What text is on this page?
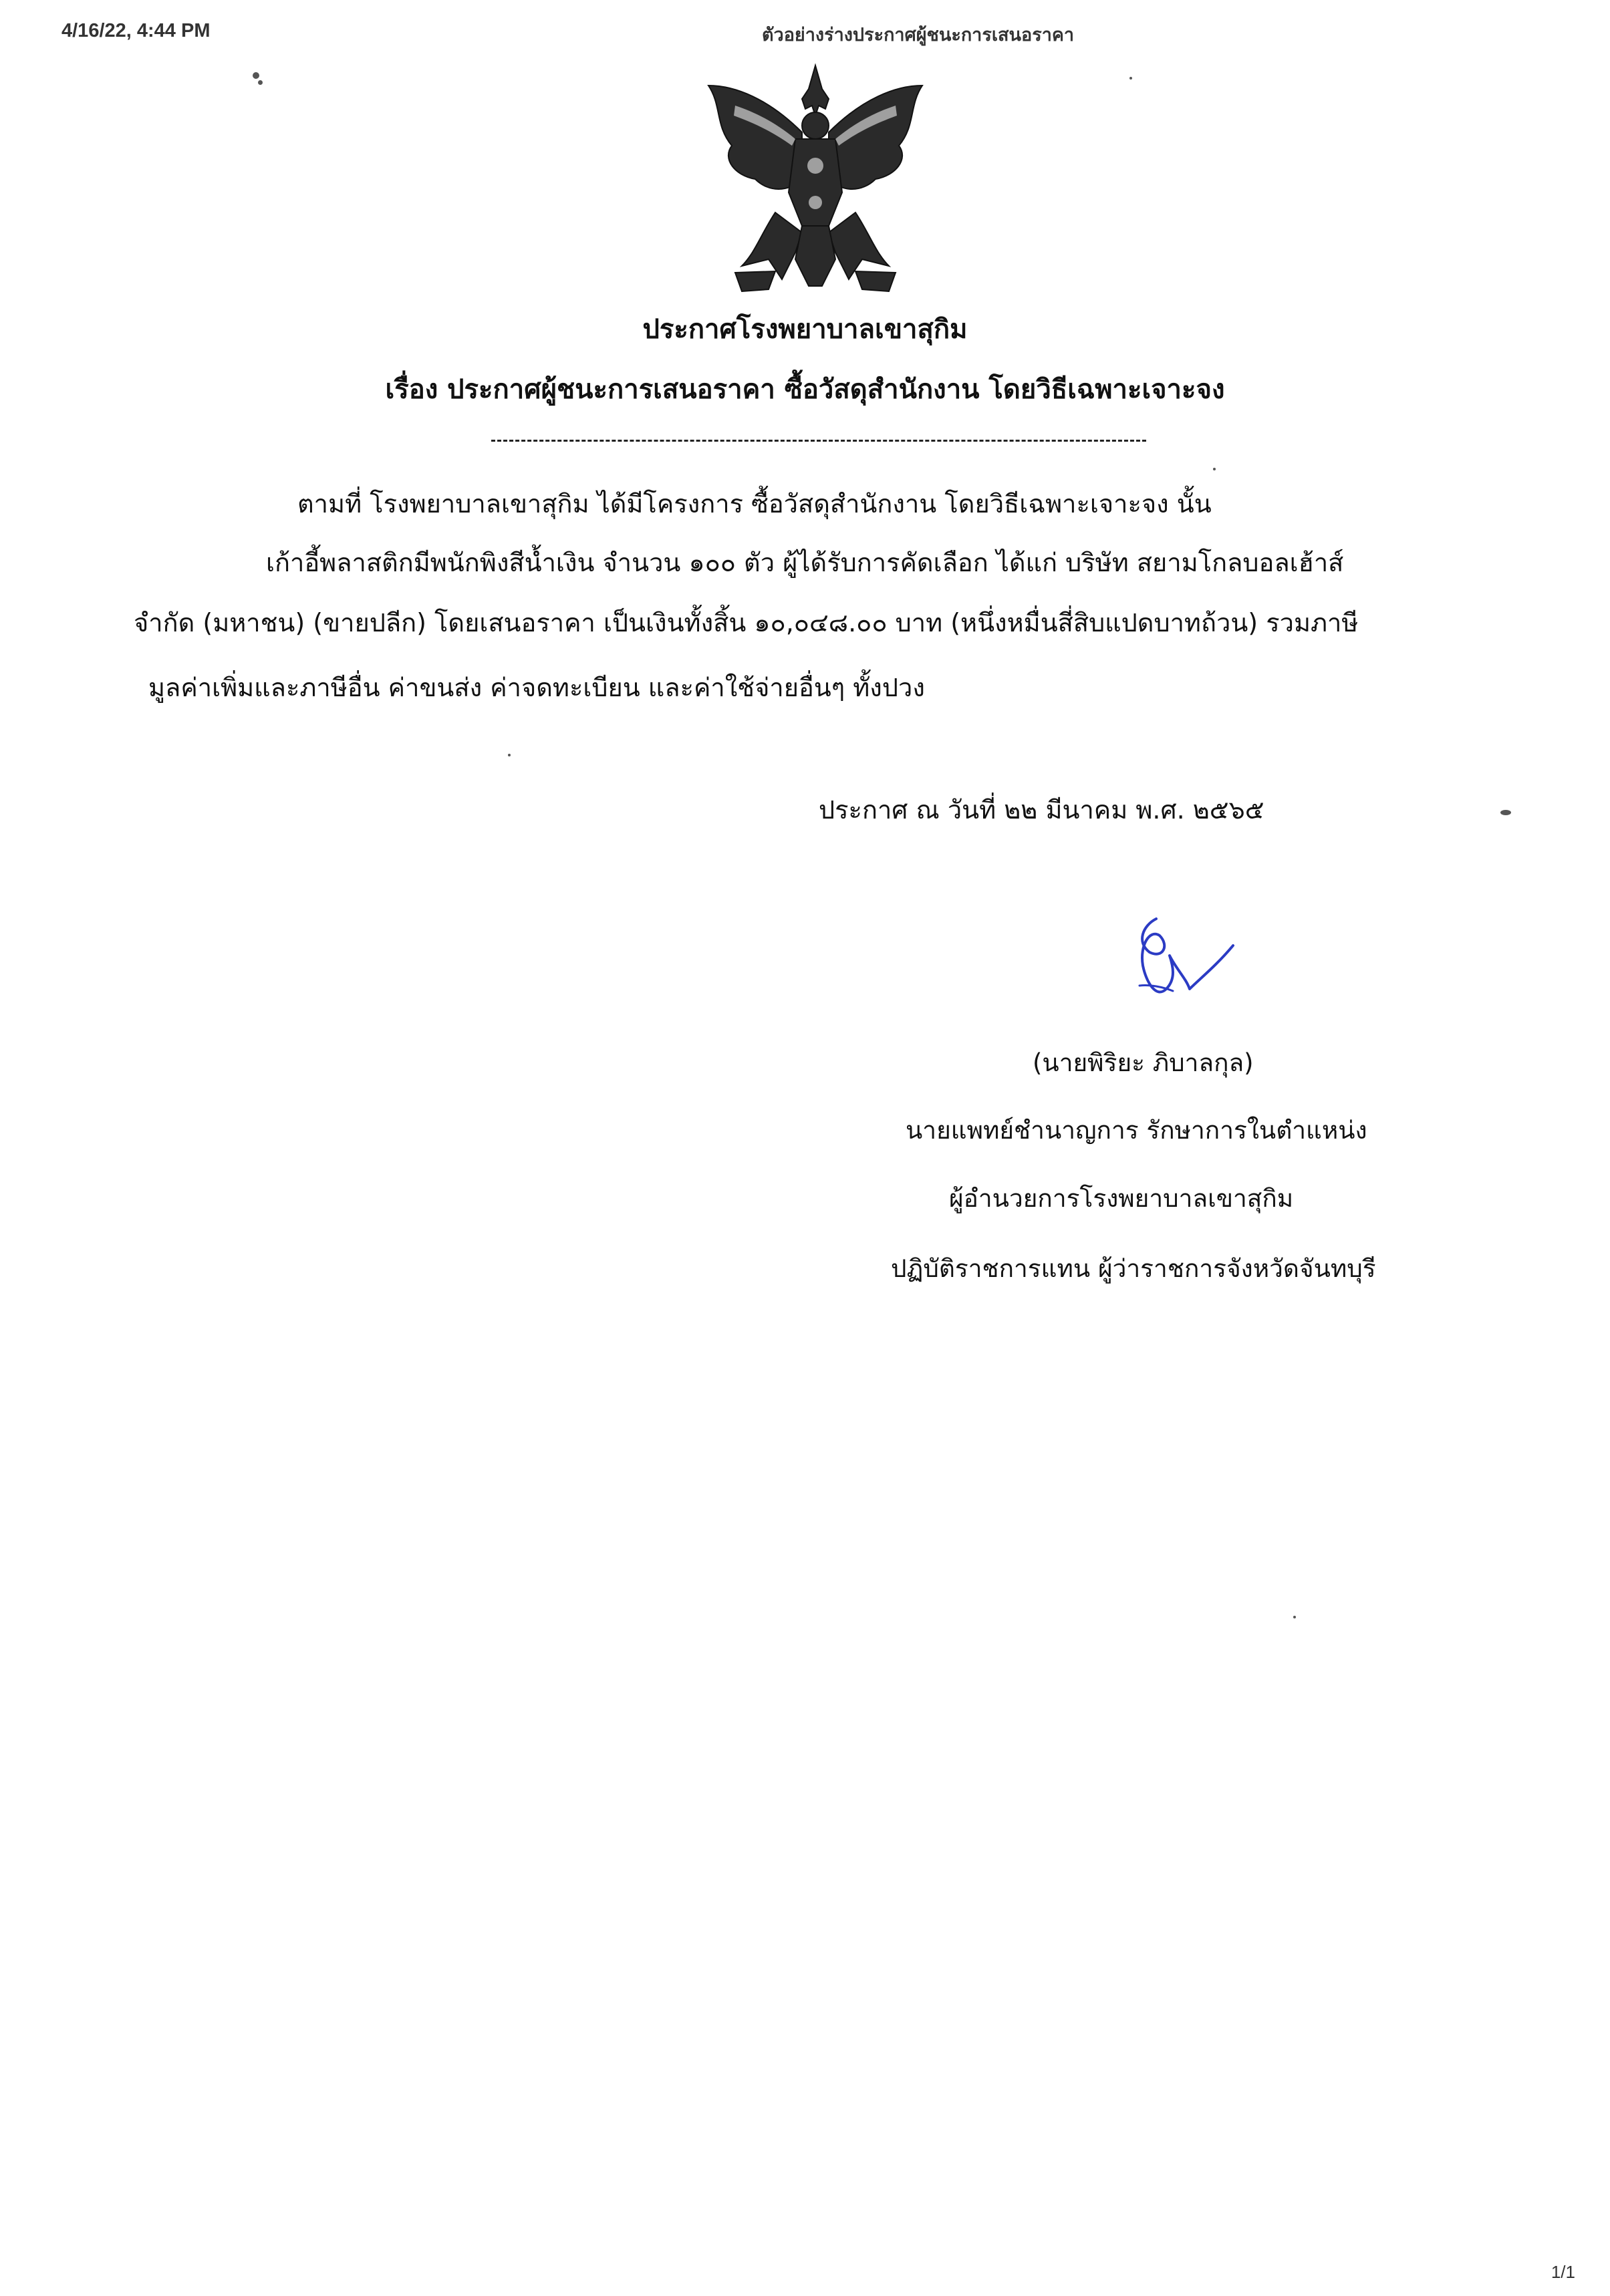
4/16/22, 4:44 PM	ตัวอย่างร่างประกาศผู้ชนะการเสนอราคา
ประกาศโรงพยาบาลเขาสุกิม
เรื่อง ประกาศผู้ชนะการเสนอราคา ซื้อวัสดุสำนักงาน โดยวิธีเฉพาะเจาะจง
ตามที่ โรงพยาบาลเขาสุกิม ได้มีโครงการ ซื้อวัสดุสำนักงาน โดยวิธีเฉพาะเจาะจง นั้น
เก้าอี้พลาสติกมีพนักพิงสีน้ำเงิน จำนวน ๑๐๐ ตัว ผู้ได้รับการคัดเลือก ได้แก่ บริษัท สยามโกลบอลเฮ้าส์
จำกัด (มหาชน) (ขายปลีก) โดยเสนอราคา เป็นเงินทั้งสิ้น ๑๐,๐๔๘.๐๐ บาท (หนึ่งหมื่นสี่สิบแปดบาทถ้วน) รวมภาษี
มูลค่าเพิ่มและภาษีอื่น ค่าขนส่ง ค่าจดทะเบียน และค่าใช้จ่ายอื่นๆ ทั้งปวง
ประกาศ ณ วันที่ ๒๒ มีนาคม พ.ศ. ๒๕๖๕
(นายพิริยะ ภิบาลกุล)
นายแพทย์ชำนาญการ รักษาการในตำแหน่ง
ผู้อำนวยการโรงพยาบาลเขาสุกิม
ปฏิบัติราชการแทน ผู้ว่าราชการจังหวัดจันทบุรี
1/1
